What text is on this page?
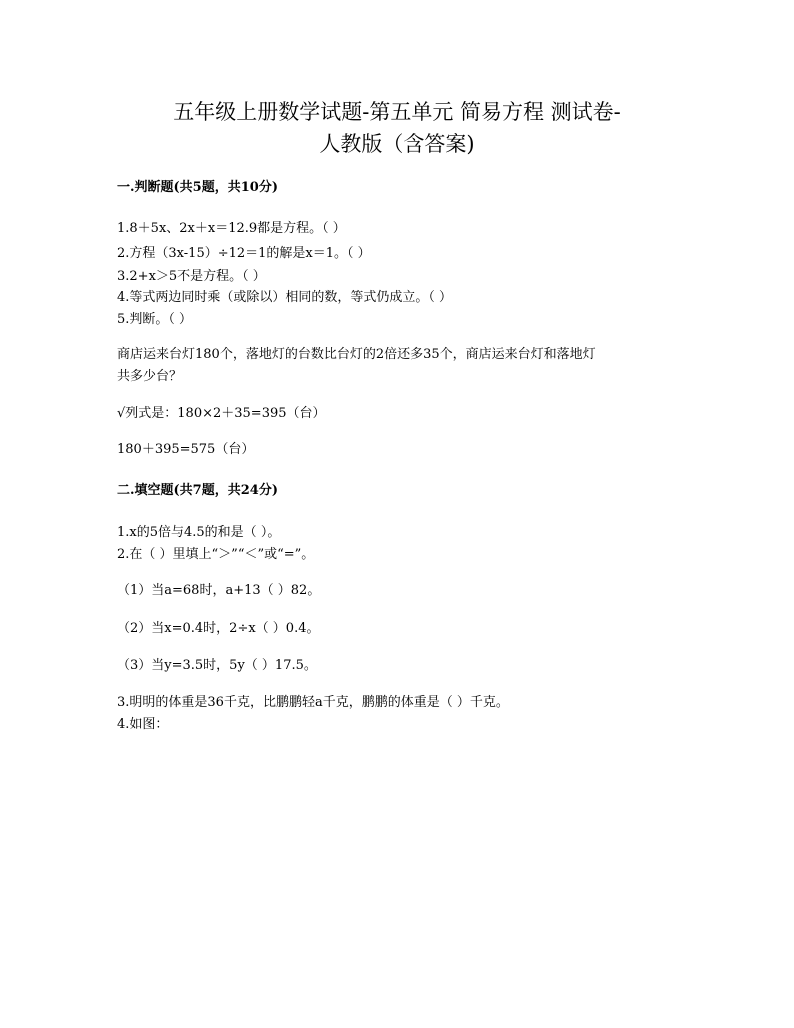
五年级上册数学试题-第五单元 简易方程 测试卷-
人教版（含答案)
一.判断题(共5题，共10分)
1.8＋5x、2x＋x＝12.9都是方程。（ ）
2.方程（3x-15）÷12＝1的解是x＝1。（ ）
3.2+x＞5不是方程。（ ）
4.等式两边同时乘（或除以）相同的数，等式仍成立。（ ）
5.判断。（ ）
商店运来台灯180个，落地灯的台数比台灯的2倍还多35个，商店运来台灯和落地灯
共多少台？
√列式是：180×2＋35=395（台）
180＋395=575（台）
二.填空题(共7题，共24分)
1.x的5倍与4.5的和是（ ）。
2.在（ ）里填上“＞”“＜”或“=”。
（1）当a=68时，a+13（ ）82。
（2）当x=0.4时，2÷x（ ）0.4。
（3）当y=3.5时，5y（ ）17.5。
3.明明的体重是36千克，比鹏鹏轻a千克，鹏鹏的体重是（ ）千克。
4.如图：
